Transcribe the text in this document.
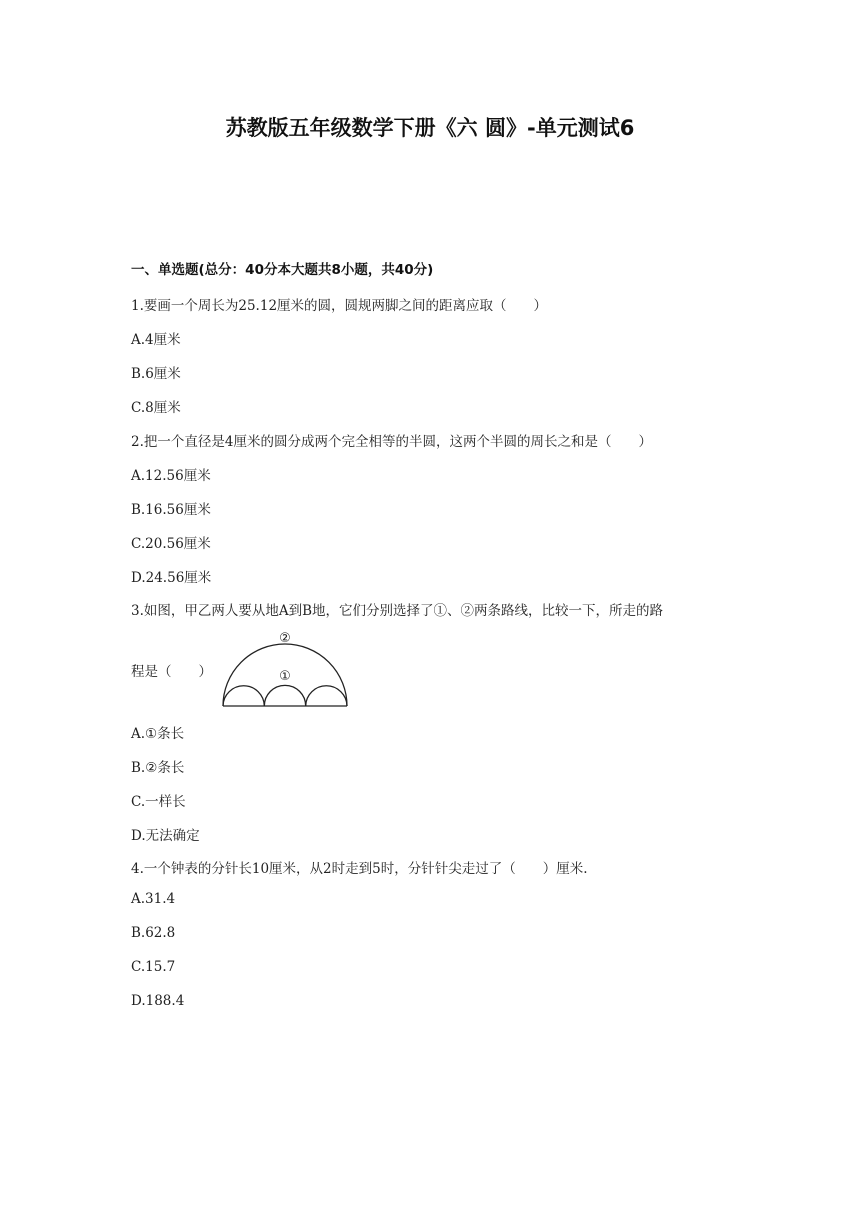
苏教版五年级数学下册《六 圆》-单元测试6
一、单选题(总分：40分本大题共8小题，共40分)
1.要画一个周长为25.12厘米的圆，圆规两脚之间的距离应取（　　）
A.4厘米
B.6厘米
C.8厘米
2.把一个直径是4厘米的圆分成两个完全相等的半圆，这两个半圆的周长之和是（　　）
A.12.56厘米
B.16.56厘米
C.20.56厘米
D.24.56厘米
3.如图，甲乙两人要从地A到B地，它们分别选择了①、②两条路线，比较一下，所走的路
程是（　　）
②
①
A.①条长
B.②条长
C.一样长
D.无法确定
4.一个钟表的分针长10厘米，从2时走到5时，分针针尖走过了（　　）厘米.
A.31.4
B.62.8
C.15.7
D.188.4
